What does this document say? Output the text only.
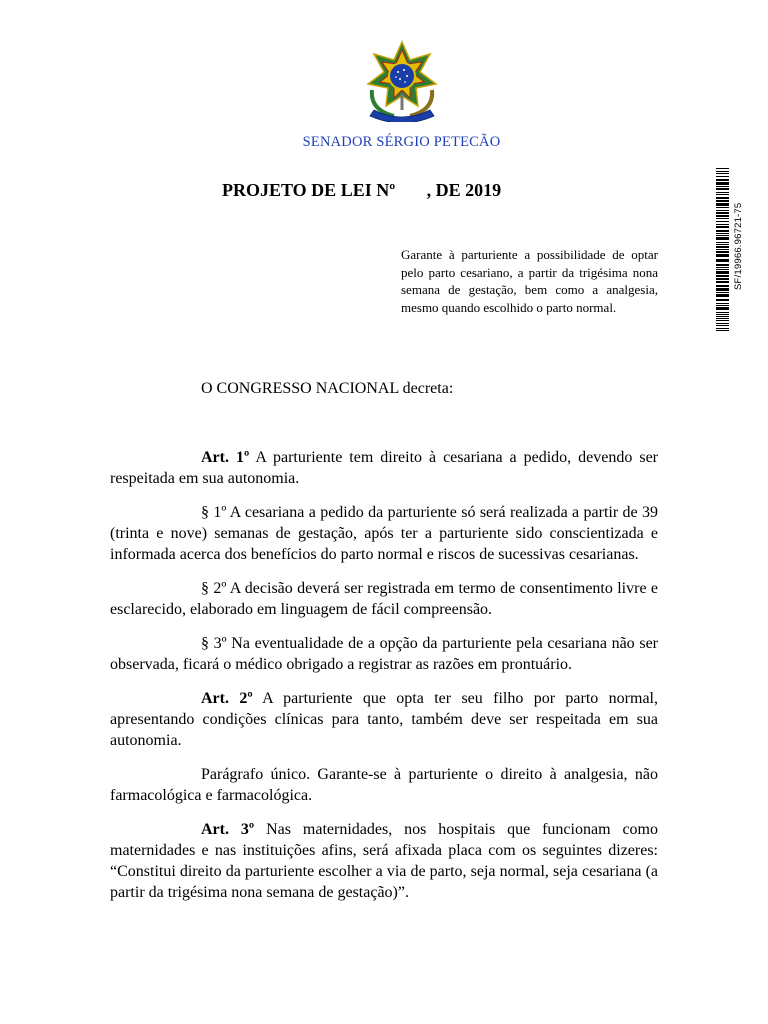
SENADOR SÉRGIO PETECÃO
PROJETO DE LEI Nº       , DE 2019
Garante à parturiente a possibilidade de optar pelo parto cesariano, a partir da trigésima nona semana de gestação, bem como a analgesia, mesmo quando escolhido o parto normal.
SF/19966.96721-75
O CONGRESSO NACIONAL decreta:

Art. 1º A parturiente tem direito à cesariana a pedido, devendo ser respeitada em sua autonomia.

§ 1º A cesariana a pedido da parturiente só será realizada a partir de 39 (trinta e nove) semanas de gestação, após ter a parturiente sido conscientizada e informada acerca dos benefícios do parto normal e riscos de sucessivas cesarianas.

§ 2º A decisão deverá ser registrada em termo de consentimento livre e esclarecido, elaborado em linguagem de fácil compreensão.

§ 3º Na eventualidade de a opção da parturiente pela cesariana não ser observada, ficará o médico obrigado a registrar as razões em prontuário.

Art. 2º A parturiente que opta ter seu filho por parto normal, apresentando condições clínicas para tanto, também deve ser respeitada em sua autonomia.

Parágrafo único. Garante-se à parturiente o direito à analgesia, não farmacológica e farmacológica.

Art. 3º Nas maternidades, nos hospitais que funcionam como maternidades e nas instituições afins, será afixada placa com os seguintes dizeres: “Constitui direito da parturiente escolher a via de parto, seja normal, seja cesariana (a partir da trigésima nona semana de gestação)”.
